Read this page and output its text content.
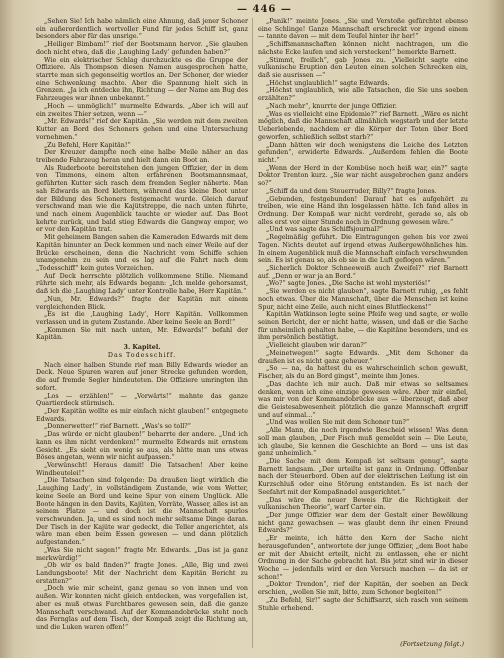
— 446 —

„Sehen Sie! Ich habe nämlich eine Ahnung, daß jener Schoner ein außerordentlich wertvoller Fund für jedes Schiff ist, ganz besonders aber für das unsrige.“

„Heiliger Bimbam!“ rief der Bootsmann hervor. „Sie glauben doch nicht etwa, daß die ‚Laughing Lady‘ gefunden haben?“

Wie ein elektrischer Schlag durchzuckte es die Gruppe der Offiziere. Als Thompson diesen Namen ausgesprochen hatte, starrte man sich gegenseitig wortlos an. Der Schoner, der wieder eine Schwenkung machte. Aber die Spannung hielt sich in Grenzen. „Ja ich entdecke ihn, Richtung — der Name am Bug des Fahrzeuges war ihnen unbekannt.“

„Hoch — unmöglich!“ murmelte Edwards. „Aber ich will auf ein zweites Thier setzen, wenn —“

„Mr. Edwards!“ rief der Kapitän. „Sie werden mit dem zweiten Kutter an Bord des Schoners gehen und eine Untersuchung vornehmen.“

„Zu Befehl, Herr Kapitän!“

Der Kreuzer dampfte noch eine halbe Meile näher an das treibende Fahrzeug heran und hielt dann ein Boot an.

Als Ruderboote bereitstehen den jungen Offizier, der in dem von Timmons, einem alten erfahrenen Bootsmannsmaat, geführten Kutter sich rasch dem fremden Segler näherte. Man sah Edwards an Bord klettern, während das kleine Boot unter der Bildung des Schoners festgemacht wurde. Gleich darauf verschwand man wie die Kajütstreppe, die nach unten führte, und nach einem Augenblick tauchte er wieder auf. Das Boot kehrte zurück, und bald stieg Edwards die Gangway empor, wo er vor den Kapitän trat.

Mit geheimem Bangen sahen die Kameraden Edwards mit dem Kapitän hinunter an Deck kommen und nach einer Weile auf der Brücke erscheinen, denn die Nachricht vom Schiffe schien unangenehm zu sein und es lag auf die Fahrt nach dem „Todesschiff“ kein gutes Vorzeichen.

Auf Deck herrschte plötzlich vollkommene Stille. Niemand rührte sich mehr, als Edwards begann: „Ich melde gehorsamst, daß ich die ‚Laughing Lady‘ unter Kontrolle habe, Herr Kapitän.“

„Nun, Mr. Edwards?“ fragte der Kapitän mit einem vergleichenden Blick.

„Es ist die ‚Laughing Lady‘, Herr Kapitän. Vollkommen verlassen und in gutem Zustande. Aber keine Seele an Bord!“

„Kommen Sie mit nach unten, Mr. Edwards!“ befahl der Kapitän.

3. Kapitel.

Das Todesschiff.

Nach einer halben Stunde rief man Billy Edwards wieder an Deck. Neue Spuren waren auf jener Strecke gefunden worden, die auf fremde Segler hindeuteten. Die Offiziere umringten ihn sofort.

„Los — erzählen!“ — „Vorwärts!“ mahnte das ganze Quartierdeck stürmisch.

„Der Kapitän wollte es mir einfach nicht glauben!“ entgegnete Edwards.

„Donnerwetter!“ rief Barnett. „Was's so toll?“

„Das würde er nicht glauben!“ beharrte der andere. „Und ich kann es ihm nicht verdenken!“ murmelte Edwards mit ernstem Gesicht. „Es sieht ein wenig so aus, als hätte man uns etwas Böses angetan, wenn wir nicht aufpassen.“

„Verwünscht! Heraus damit! Die Tatsachen! Aber keine Windbeutelei!“

„Die Tatsachen sind folgende: Da draußen liegt wirklich die ‚Laughing Lady‘, in vollständigem Zustande, wie vom Wetter, keine Seele an Bord und keine Spur von einem Unglück. Alle Boote hängen in den Davits, Kajüten, Vorräte, Wasser, alles ist an seinem Platze — und doch ist die Mannschaft spurlos verschwunden. Ja, und es sind noch mehr seltsame Dinge daran. Der Tisch in der Kajüte war gedeckt, die Teller angerichtet, als wäre man eben beim Essen gewesen — und dann plötzlich aufgestanden.“

„Was Sie nicht sagen!“ fragte Mr. Edwards. „Das ist ja ganz merkwürdig!“

„Ob wir es bald finden?“ fragte Jones. „Alle, Big und zwei Landungsboote! Mit der Nachricht dem Kapitän Bericht zu erstatten?“

„Doch wie mir scheint, ganz genau so von innen und von außen. Wir konnten nicht gleich entdecken, was vorgefallen ist, aber es muß etwas Furchtbares gewesen sein, daß die ganze Mannschaft verschwand. Auf der Kommandobrücke steht noch das Fernglas auf dem Tisch, der Kompaß zeigt die Richtung an, und die Luken waren offen!“

„Panik!“ meinte Jones. „Sie und Verstoße gefürchtet ebenso eine Schlinge! Ganze Mannschaft erschreckt vor irgend einem — tannte davon — mit dem Teufel hinter ihr her!“

„Schiffsmannschaften können nicht nachtragen, um die nächste Ecke laufen und sich verstecken!“ bemerkte Barnett.

„Stimmt, freilich“, gab Jones zu. „Vielleicht sagte eine vulkanische Eruption den Leuten einen solchen Schrecken ein, daß sie ausrissen —“

„Höchst unglaublich!“ sagte Edwards.

„Höchst unglaublich, wie alle Tatsachen, die Sie uns soeben erzählten?“

„Nach mehr“, knurrte der junge Offizier.

„Was es vielleicht eine Epidemie?“ rief Barnett. „Wäre es nicht möglich, daß die Mannschaft allmählich wegstarb und der letzte Ueberlebende, nachdem er die Körper der Toten über Bord geworfen, schließlich selbst starb?“

„Dann hätten wir doch wenigstens die Leiche des Letzten gefunden“, erwiderte Edwards. „Außerdem fehlen die Boote nicht.“

„Wenn der Herd in der Kombüse noch heiß war, ein?“ sagte Doktor Trenton kurz. „Sie war nicht ausgebrochen ganz anders so?“

„Schiff da und dem Steuerruder, Billy?“ fragte Jones.

„Gebunden, festgebunden! Darauf hat es aufgehört zu treiben, wie eine Hand ihn losgelassen hätte. Ich fand alles in Ordnung. Der Kompaß war nicht verdreht, gerade so, als ob alles erst vor einer Stunde noch in Ordnung gewesen wäre.“

„Und was sagte das Schiffsjournal?“

„Regelmäßig geführt. Die Eintragungen gehen bis vor zwei Tagen. Nichts deutet auf irgend etwas Außergewöhnliches hin. In einem Augenblick muß die Mannschaft einfach verschwunden sein. Es ist genau so, als ob sie in die Luft geflogen wären.“

„Sicherlich Doktor Schneeweiß auch Zweifel?“ rief Barnett auf. „Denn er war ja an Bord.“

„Wo?“ sagte Jones. „Die Sache ist wohl mysteriös!“

„Sie werden es nicht glauben“, sagte Barnett ruhig, „es fehlt noch etwas. Über die Mannschaft, über die Menschen ist keine Spur, nicht eine Zeile, auch nicht eines Blutfleckens!“

Kapitän Watkinson legte seine Pfeife weg und sagte, er wolle seinen Bericht, der er nicht hatte, wissen, und daß er die Sache für unheimlich gehalten habe, — die Kapitäne besonders, und es ihm persönlich bestätigt.

„Vielleicht glauben wir daran?“

„Meinetwegen!“ sagte Edwards. „Mit dem Schoner da draußen ist es nicht ganz geheuer.“

„So — na, da hattest du es wahrscheinlich schon gewußt, Fischer, als du an Bord gingst“, meinte ihm Jones.

„Das dachte ich mir auch. Daß mir etwas so seltsames denken, wenn ich eine einzige gewesen wäre. Aber mir einfiel, was mir von der Kommandobrücke aus — überzeugt, daß aber die Geistesabwesenheit plötzlich die ganze Mannschaft ergriff und auf einmal...“

„Und was wollen Sie mit dem Schoner tun?“

„Alle Mann, die noch irgendwie Bescheid wissen! Was denn soll man glauben, „Der Fisch muß gemeldet sein — Die Leute, ich glaube, Sie kennen die Geschichte an Bord — uns ist das ganz unheimlich.“

„Die Sache mit dem Kompaß ist seltsam genug“, sagte Barnett langsam. „Der urteilte ist ganz in Ordnung. Offenbar nach der Steuerbord. Oben auf der elektrischen Leitung ist ein Kurzschluß oder eine Störung entstanden. Es ist nach der Seefahrt mit der Kompaßnadel ausgerichtet.“

„Das wäre die neuer Beweis für die Richtigkeit der vulkanischen Theorie“, warf Carter ein.

„Der junge Offizier war dem der Gestalt einer Bewölkung nicht ganz gewachsen — was glaubt denn ihr einen Freund Edwards?“

„Er meinte, ich hätte den Kern der Sache nicht herausgefunden“, antwortete der junge Offizier, „dem Boot habe er mit der Absicht erteilt, nicht zu entlassen, ehe er nicht Ordnung in der Sache gebracht hat. Bis jetzt sind wir in dieser Woche — jedenfalls wird er den Versuch machen — da ist er schon!“

„Doktor Trendon“, rief der Kapitän, der soeben an Deck erschien, „wollen Sie mit, bitte, zum Schoner begleiten!“

„Zu Befehl, Sir!“ sagte der Schiffsarzt, sich rasch von seinem Stuhle erhebend.

(Fortsetzung folgt.)
